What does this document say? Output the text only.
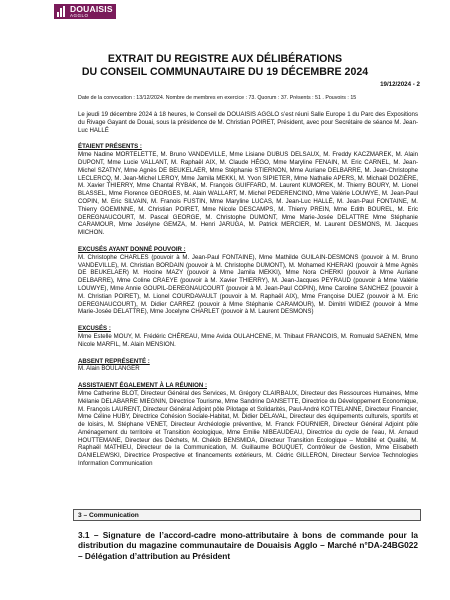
DOUAISIS
AGGLO
EXTRAIT DU REGISTRE AUX DÉLIBÉRATIONS
DU CONSEIL COMMUNAUTAIRE DU 19 DÉCEMBRE 2024
19/12/2024 - 2
Date de la convocation : 13/12/2024. Nombre de membres en exercice : 73. Quorum : 37. Présents : 51 . Pouvoirs : 15

Le jeudi 19 décembre 2024 à 18 heures, le Conseil de DOUAISIS AGGLO s’est réuni Salle Europe 1 du Parc des Expositions du Rivage Gayant de Douai, sous la présidence de M. Christian POIRET, Président, avec pour Secrétaire de séance M. Jean-Luc HALLÉ

ÉTAIENT PRÉSENTS :

Mme Nadine MORTELETTE, M. Bruno VANDEVILLE, Mme Lisiane DUBUS DELSAUX, M. Freddy KACZMAREK, M. Alain DUPONT, Mme Lucie VALLANT, M. Raphaël AIX, M. Claude HÉGO, Mme Maryline FENAIN, M. Eric CARNEL, M. Jean-Michel SZATNY, Mme Agnès DE BEUKELAER, Mme Stéphanie STIERNON, Mme Auriane DELBARRE, M. Jean-Christophe LECLERCQ, M. Jean-Michel LEROY, Mme Jamila MEKKI, M. Yvon SIPIETER, Mme Nathalie APERS, M. Michaël DOZIÈRE, M. Xavier THIERRY, Mme Chantal RYBAK, M. François GUIFFARD, M. Laurent KUMOREK, M. Thierry BOURY, M. Lionel BLASSEL, Mme Florence GEORGES, M. Alain WALLART, M. Michel PEDERENCINO, Mme Valérie LOUWYE, M. Jean-Paul COPIN, M. Eric SILVAIN, M. Franois FUSTIN, Mme Maryline LUCAS, M. Jean-Luc HALLÉ, M. Jean-Paul FONTAINE, M. Thierry GOEMINNE, M. Christian POIRET, Mme Nicole DESCAMPS, M. Thierry PREIN, Mme Edith BOUREL, M. Eric DEREGNAUCOURT, M. Pascal GEORGE, M. Christophe DUMONT, Mme Marie-Josée DELATTRE Mme Stéphanie CARAMOUR, Mme Josélyne GEMZA, M. Henri JARUGA, M. Patrick MERCIER, M. Laurent DESMONS, M. Jacques MICHON.

EXCUSÉS AYANT DONNÉ POUVOIR :

M. Christophe CHARLES (pouvoir à M. Jean-Paul FONTAINE), Mme Mathilde GUILAIN-DESMONS (pouvoir à M. Bruno VANDEVILLE), M. Christian BORDAIN (pouvoir à M. Christophe DUMONT), M. Mohamed KHERAKI (pouvoir à Mme Agnès DE BEUKELAER) M. Hocine MAZY (pouvoir à Mme Jamila MEKKI), Mme Nora CHERKI (pouvoir à Mme Auriane DELBARRE), Mme Coline CRAEYE (pouvoir à M. Xavier THIERRY), M. Jean-Jacques PEYRAUD (pouvoir à Mme Valérie LOUWYE), Mme Annie GOUPIL-DEREGNAUCOURT (pouvoir à M. Jean-Paul COPIN), Mme Caroline SANCHEZ (pouvoir à M. Christian POIRET), M. Lionel COURDAVAULT (pouvoir à M. Raphaël AIX), Mme Françoise DUEZ (pouvoir à M. Eric DEREGNAUCOURT), M. Didier CARREZ (pouvoir à Mme Stéphanie CARAMOUR), M. Dimitri WIDIEZ (pouvoir à Mme Marie-Josée DELATTRE), Mme Jocelyne CHARLET (pouvoir à M. Laurent DESMONS)

EXCUSÉS :

Mme Estelle MOUY, M. Frédéric CHÉREAU, Mme Avida OULAHCENE, M. Thibaut FRANCOIS, M. Romuald SAENEN, Mme Nicole MARFIL, M. Alain MENSION.

ABSENT REPRÉSENTÉ :

M. Alain BOULANGER

ASSISTAIENT ÉGALEMENT À LA RÉUNION :

Mme Catherine BLOT, Directeur Général des Services, M. Grégory CLAIRBAUX, Directeur des Ressources Humaines, Mme Mélanie DELABARRE MIEGNIN, Directrice Tourisme, Mme Sandrine DANSETTE, Directrice du Développement Economique, M. François LAURENT, Directeur Général Adjoint pôle Pilotage et Solidarités, Paul-André KOTTELANNE, Directeur Financier, Mme Céline HUBY, Directrice Cohésion Sociale-Habitat, M. Didier DELAVAL, Directeur des équipements culturels, sportifs et de loisirs, M. Stéphane VENET, Directeur Archéologie préventive, M. Franck FOURNIER, Directeur Général Adjoint pôle Aménagement du territoire et Transition écologique, Mme Emilie NIBEAUDEAU, Directrice du cycle de l’eau, M. Arnaud HOUTTEMANE, Directeur des Déchets, M. Chékib BENSMIDA, Directeur Transition Ecologique – Mobilité et Qualité, M. Raphaël MATHIEU, Directeur de la Communication, M. Guillaume BOUQUET, Contrôleur de Gestion, Mme Elisabeth DANIELEWSKI, Directrice Prospective et financements extérieurs, M. Cédric GILLERON, Directeur Service Technologies Information Communication

3 – Communication
3.1 – Signature de l’accord-cadre mono-attributaire à bons de commande pour la distribution du magazine communautaire de Douaisis Agglo – Marché n°DA-24BG022 – Délégation d’attribution au Président
